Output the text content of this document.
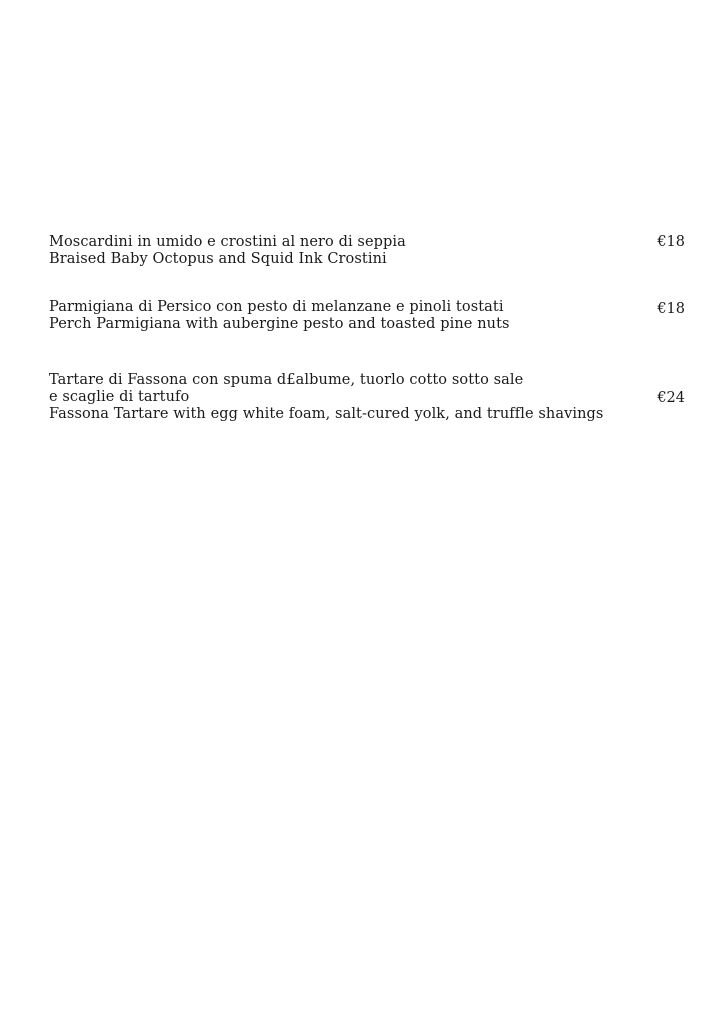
Moscardini in umido e crostini al nero di seppia
Braised Baby Octopus and Squid Ink Crostini
€18
Parmigiana di Persico con pesto di melanzane e pinoli tostati
Perch Parmigiana with aubergine pesto and toasted pine nuts
€18
Tartare di Fassona con spuma d£albume, tuorlo cotto sotto sale
e scaglie di tartufo
Fassona Tartare with egg white foam, salt-cured yolk, and truffle shavings
€24
